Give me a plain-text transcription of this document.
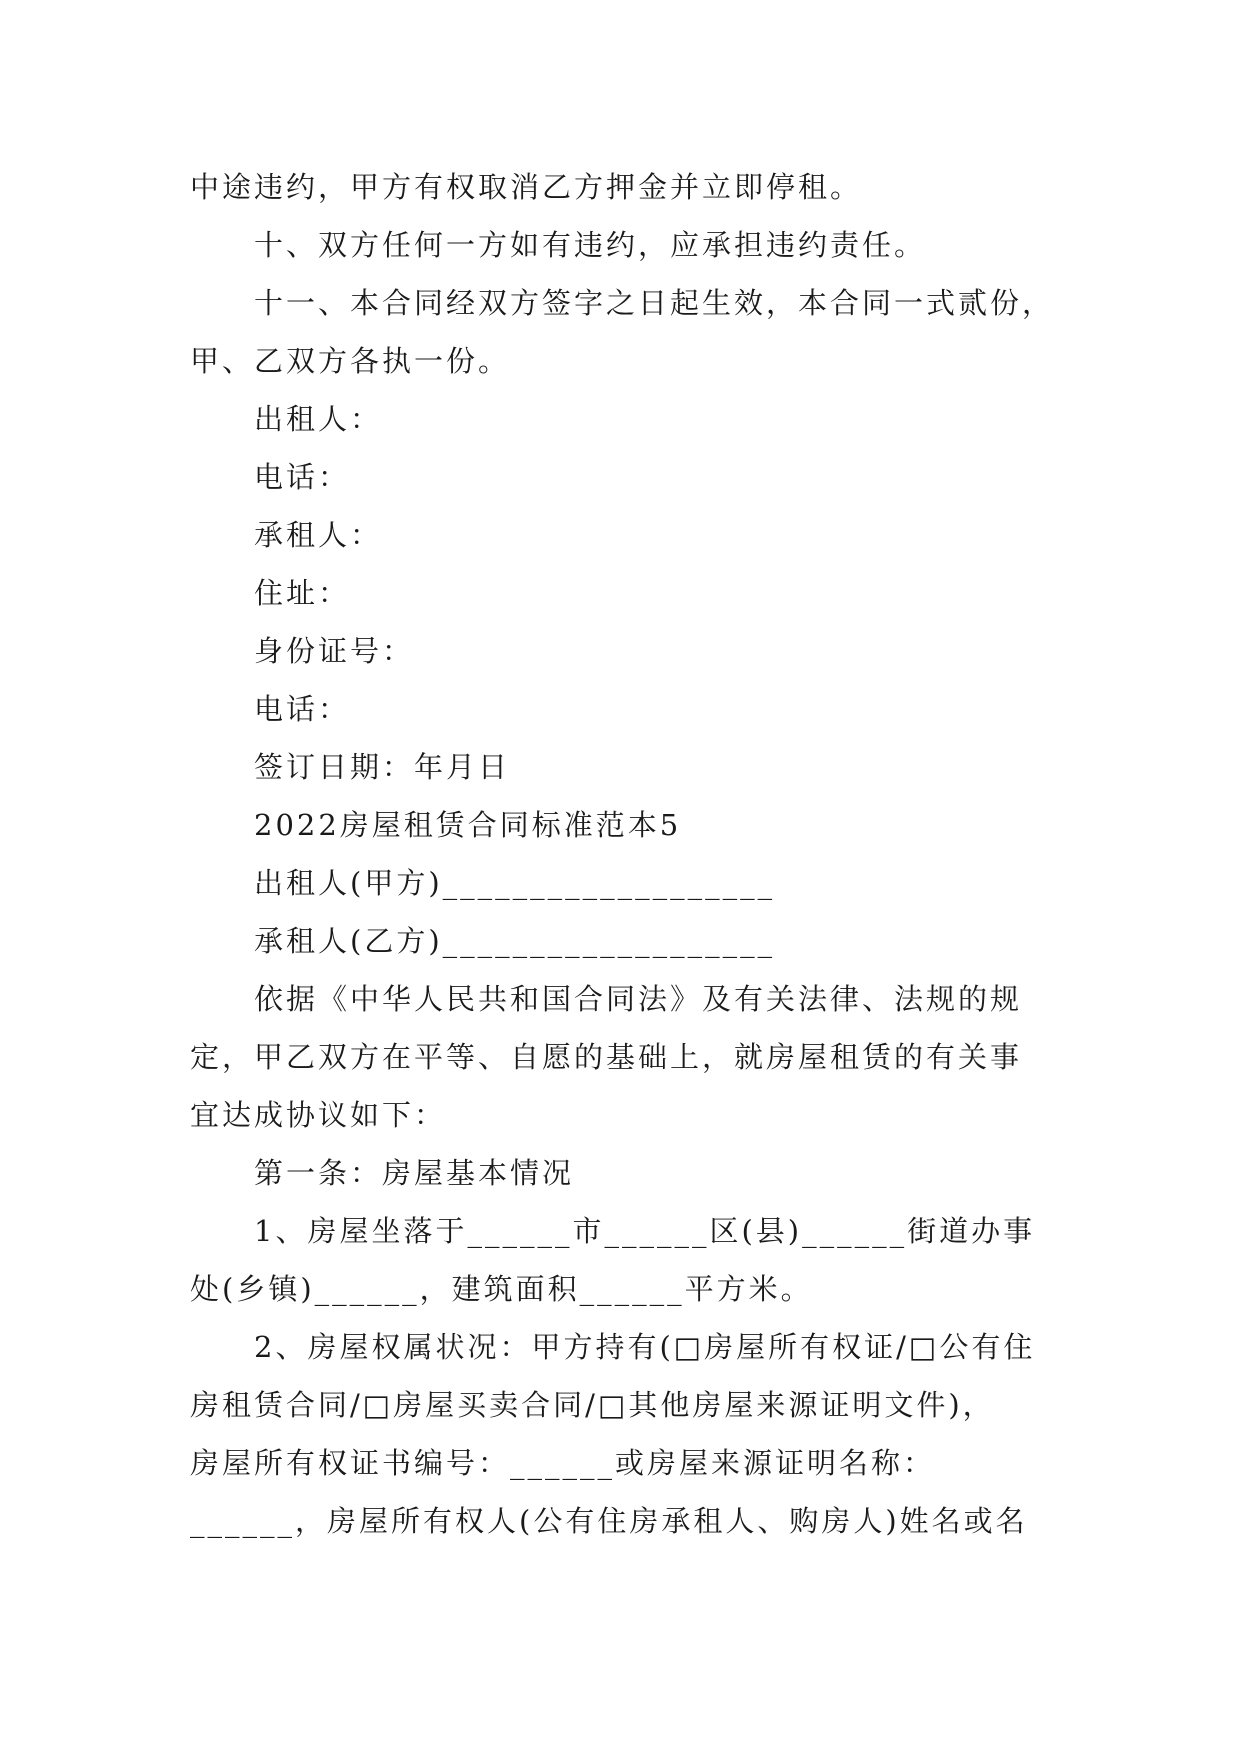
中途违约，甲方有权取消乙方押金并立即停租。
十、双方任何一方如有违约，应承担违约责任。
十一、本合同经双方签字之日起生效，本合同一式贰份，
甲、乙双方各执一份。
出租人：
电话：
承租人：
住址：
身份证号：
电话：
签订日期：年月日
2022房屋租赁合同标准范本5
出租人(甲方)___________________
承租人(乙方)___________________
依据《中华人民共和国合同法》及有关法律、法规的规
定，甲乙双方在平等、自愿的基础上，就房屋租赁的有关事
宜达成协议如下：
第一条：房屋基本情况
1、房屋坐落于______市______区(县)______街道办事
处(乡镇)______，建筑面积______平方米。
2、房屋权属状况：甲方持有(□房屋所有权证/□公有住
房租赁合同/□房屋买卖合同/□其他房屋来源证明文件)，
房屋所有权证书编号：______或房屋来源证明名称：
______，房屋所有权人(公有住房承租人、购房人)姓名或名
